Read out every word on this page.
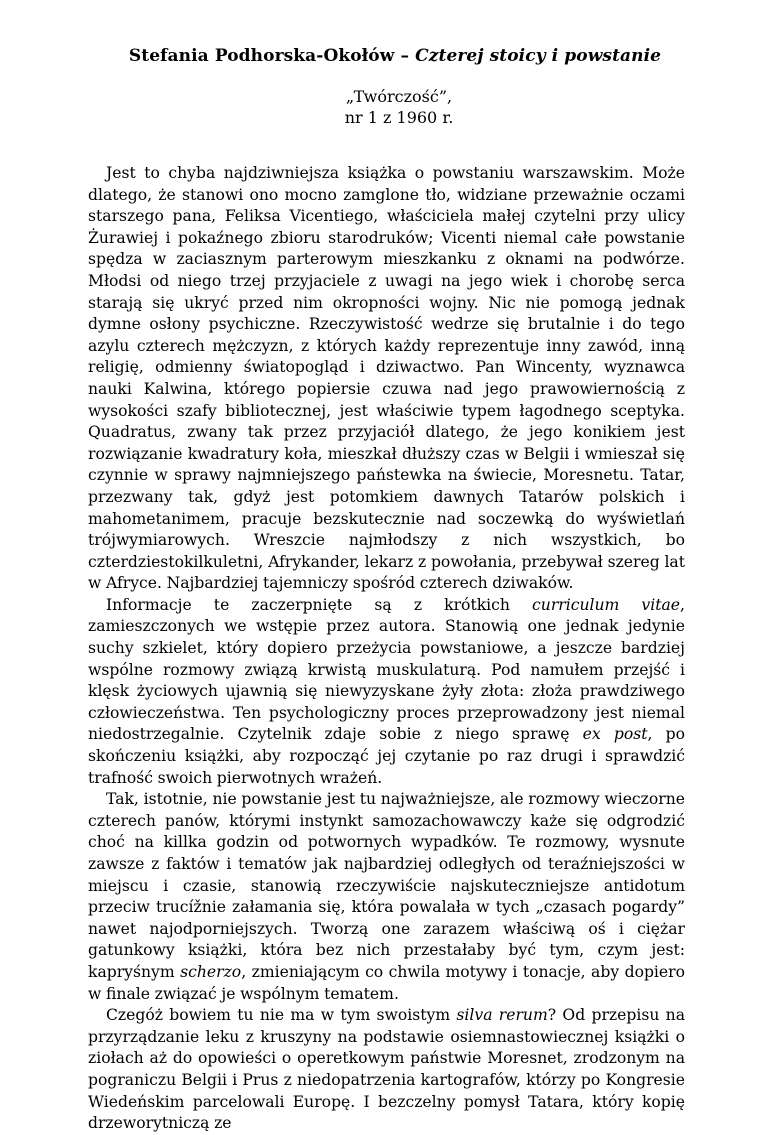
Stefania Podhorska-Okołów – Czterej stoicy i powstanie
„Twórczość”,
nr 1 z 1960 r.

Jest to chyba najdziwniejsza książka o powstaniu warszawskim. Może dlatego, że stanowi ono mocno zamglone tło, widziane przeważnie oczami starszego pana, Feliksa Vicentiego, właściciela małej czytelni przy ulicy Żurawiej i pokaźnego zbioru starodruków; Vicenti niemal całe powstanie spędza w zaciasznym parterowym mieszkanku z oknami na podwórze. Młodsi od niego trzej przyjaciele z uwagi na jego wiek i chorobę serca starają się ukryć przed nim okropności wojny. Nic nie pomogą jednak dymne osłony psychiczne. Rzeczywistość wedrze się brutalnie i do tego azylu czterech mężczyzn, z których każdy reprezentuje inny zawód, inną religię, odmienny światopogląd i dziwactwo. Pan Wincenty, wyznawca nauki Kalwina, którego popiersie czuwa nad jego prawowiernością z wysokości szafy bibliotecznej, jest właściwie typem łagodnego sceptyka. Quadratus, zwany tak przez przyjaciół dlatego, że jego konikiem jest rozwiązanie kwadratury koła, mieszkał dłuższy czas w Belgii i wmieszał się czynnie w sprawy najmniejszego państewka na świecie, Moresnetu. Tatar, przezwany tak, gdyż jest potomkiem dawnych Tatarów polskich i mahometanimem, pracuje bezskutecznie nad soczewką do wyświetlań trójwymiarowych. Wreszcie najmłodszy z nich wszystkich, bo czterdziestokilkuletni, Afrykander, lekarz z powołania, przebywał szereg lat w Afryce. Najbardziej tajemniczy spośród czterech dziwaków.

Informacje te zaczerpnięte są z krótkich curriculum vitae, zamieszczonych we wstępie przez autora. Stanowią one jednak jedynie suchy szkielet, który dopiero przeżycia powstaniowe, a jeszcze bardziej wspólne rozmowy związą krwistą muskulaturą. Pod namułem przejść i klęsk życiowych ujawnią się niewyzyskane żyły złota: złoża prawdziwego człowieczeństwa. Ten psychologiczny proces przeprowadzony jest niemal niedostrzegalnie. Czytelnik zdaje sobie z niego sprawę ex post, po skończeniu książki, aby rozpocząć jej czytanie po raz drugi i sprawdzić trafność swoich pierwotnych wrażeń.

Tak, istotnie, nie powstanie jest tu najważniejsze, ale rozmowy wieczorne czterech panów, którymi instynkt samozachowawczy każe się odgrodzić choć na killka godzin od potwornych wypadków. Te rozmowy, wysnute zawsze z faktów i tematów jak najbardziej odległych od teraźniejszości w miejscu i czasie, stanowią rzeczywiście najskuteczniejsze antidotum przeciw trucížnie załamania się, która powalała w tych „czasach pogardy” nawet najodporniejszych. Tworzą one zarazem właściwą oś i ciężar gatunkowy książki, która bez nich przestałaby być tym, czym jest: kapryśnym scherzo, zmieniającym co chwila motywy i tonacje, aby dopiero w finale związać je wspólnym tematem.

Czegóż bowiem tu nie ma w tym swoistym silva rerum? Od przepisu na przyrządzanie leku z kruszyny na podstawie osiemnastowiecznej książki o ziołach aż do opowieści o operetkowym państwie Moresnet, zrodzonym na pograniczu Belgii i Prus z niedopatrzenia kartografów, którzy po Kongresie Wiedeńskim parcelowali Europę. I bezczelny pomysł Tatara, który kopię drzeworytniczą ze
